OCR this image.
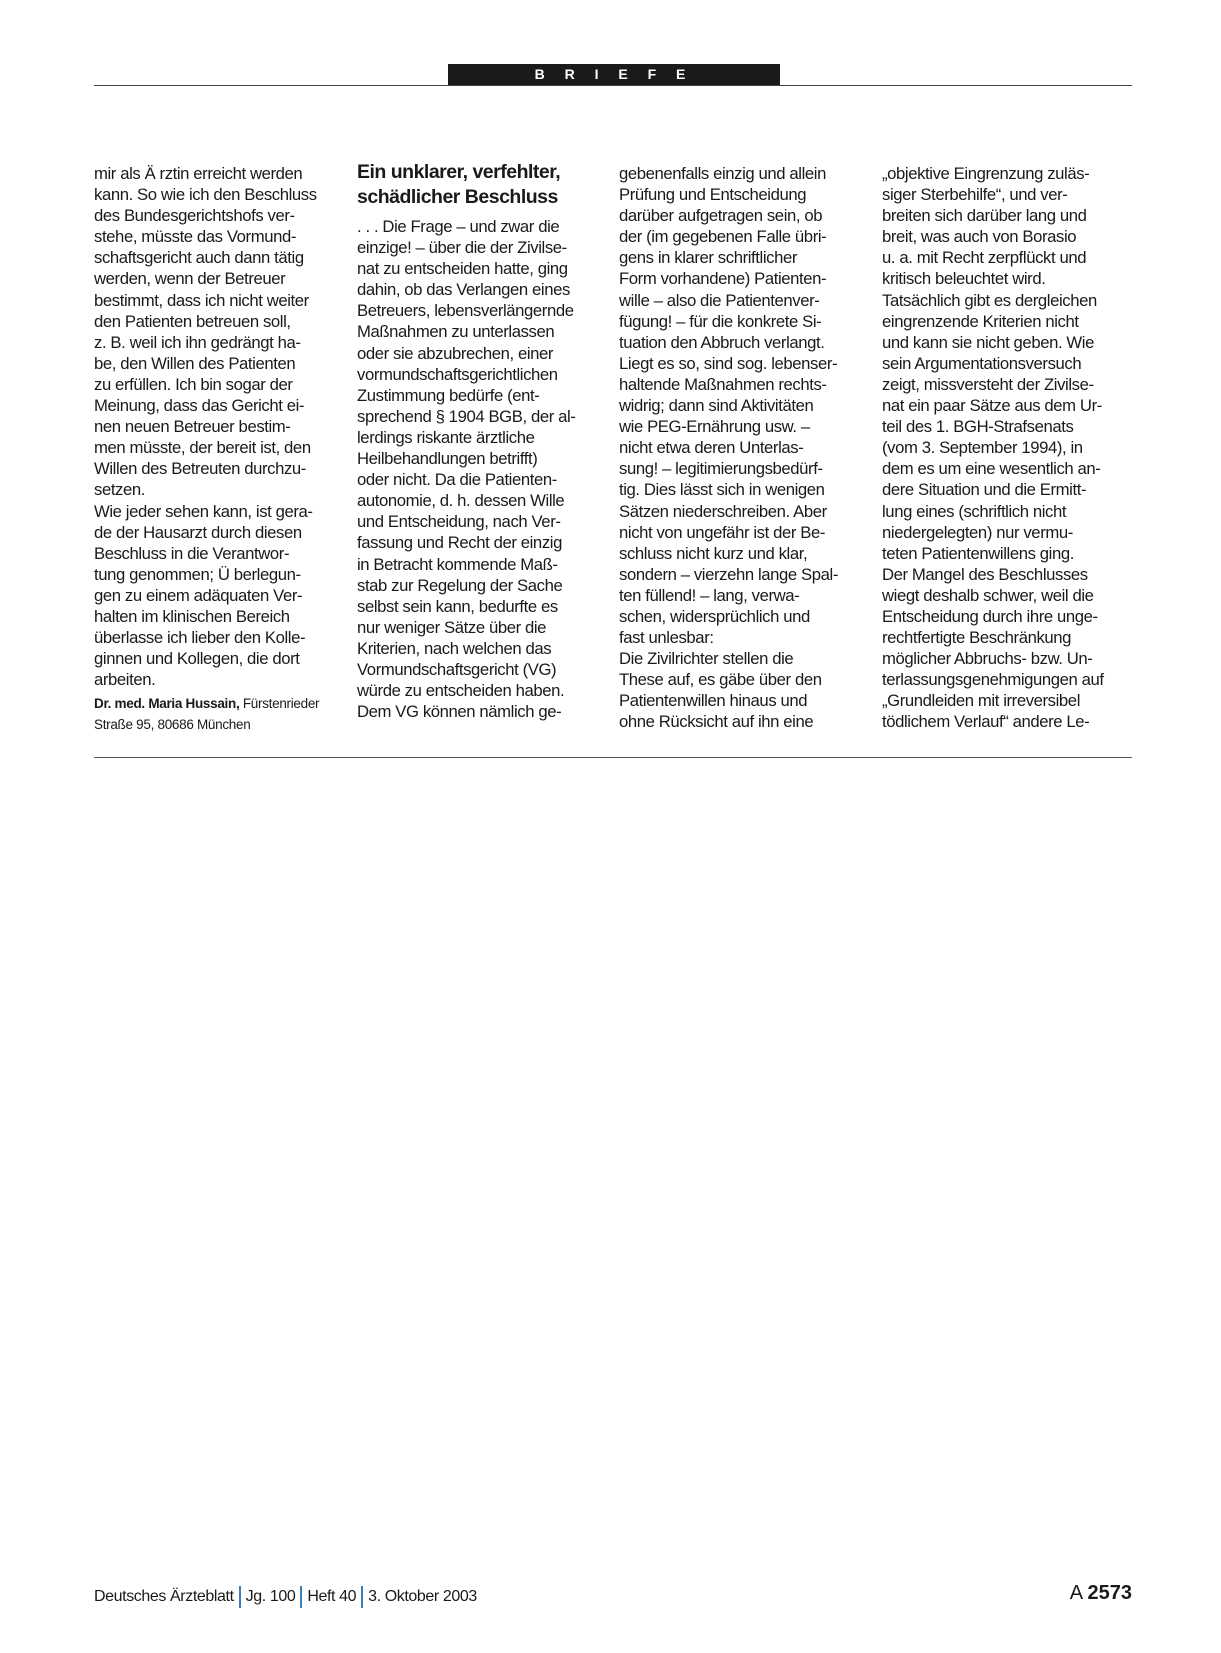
B R I E F E
mir als Ä rztin erreicht werden
kann. So wie ich den Beschluss
des Bundesgerichtshofs ver-
stehe, müsste das Vormund-
schaftsgericht auch dann tätig
werden, wenn der Betreuer
bestimmt, dass ich nicht weiter
den Patienten betreuen soll,
z. B. weil ich ihn gedrängt ha-
be, den Willen des Patienten
zu erfüllen. Ich bin sogar der
Meinung, dass das Gericht ei-
nen neuen Betreuer bestim-
men müsste, der bereit ist, den
Willen des Betreuten durchzu-
setzen.
Wie jeder sehen kann, ist gera-
de der Hausarzt durch diesen
Beschluss in die Verantwor-
tung genommen; Ü berlegun-
gen zu einem adäquaten Ver-
halten im klinischen Bereich
überlasse ich lieber den Kolle-
ginnen und Kollegen, die dort
arbeiten.
Dr. med. Maria Hussain, Fürstenrieder
Straße 95, 80686 München
Ein unklarer, verfehlter,
schädlicher Beschluss
. . . Die Frage – und zwar die
einzige! – über die der Zivilse-
nat zu entscheiden hatte, ging
dahin, ob das Verlangen eines
Betreuers, lebensverlängernde
Maßnahmen zu unterlassen
oder sie abzubrechen, einer
vormundschaftsgerichtlichen
Zustimmung bedürfe (ent-
sprechend § 1904 BGB, der al-
lerdings riskante ärztliche
Heilbehandlungen betrifft)
oder nicht. Da die Patienten-
autonomie, d. h. dessen Wille
und Entscheidung, nach Ver-
fassung und Recht der einzig
in Betracht kommende Maß-
stab zur Regelung der Sache
selbst sein kann, bedurfte es
nur weniger Sätze über die
Kriterien, nach welchen das
Vormundschaftsgericht (VG)
würde zu entscheiden haben.
Dem VG können nämlich ge-
gebenenfalls einzig und allein
Prüfung und Entscheidung
darüber aufgetragen sein, ob
der (im gegebenen Falle übri-
gens in klarer schriftlicher
Form vorhandene) Patienten-
wille – also die Patientenver-
fügung! – für die konkrete Si-
tuation den Abbruch verlangt.
Liegt es so, sind sog. lebenser-
haltende Maßnahmen rechts-
widrig; dann sind Aktivitäten
wie PEG-Ernährung usw. –
nicht etwa deren Unterlas-
sung! – legitimierungsbedürf-
tig. Dies lässt sich in wenigen
Sätzen niederschreiben. Aber
nicht von ungefähr ist der Be-
schluss nicht kurz und klar,
sondern – vierzehn lange Spal-
ten füllend! – lang, verwa-
schen, widersprüchlich und
fast unlesbar:
Die Zivilrichter stellen die
These auf, es gäbe über den
Patientenwillen hinaus und
ohne Rücksicht auf ihn eine
„objektive Eingrenzung zuläs-
siger Sterbehilfe“, und ver-
breiten sich darüber lang und
breit, was auch von Borasio
u. a. mit Recht zerpflückt und
kritisch beleuchtet wird.
Tatsächlich gibt es dergleichen
eingrenzende Kriterien nicht
und kann sie nicht geben. Wie
sein Argumentationsversuch
zeigt, missversteht der Zivilse-
nat ein paar Sätze aus dem Ur-
teil des 1. BGH-Strafsenats
(vom 3. September 1994), in
dem es um eine wesentlich an-
dere Situation und die Ermitt-
lung eines (schriftlich nicht
niedergelegten) nur vermu-
teten Patientenwillens ging.
Der Mangel des Beschlusses
wiegt deshalb schwer, weil die
Entscheidung durch ihre unge-
rechtfertigte Beschränkung
möglicher Abbruchs- bzw. Un-
terlassungsgenehmigungen auf
„Grundleiden mit irreversibel
tödlichem Verlauf“ andere Le-
Deutsches Ärzteblatt Jg. 100 Heft 40 3. Oktober 2003	A 2573
